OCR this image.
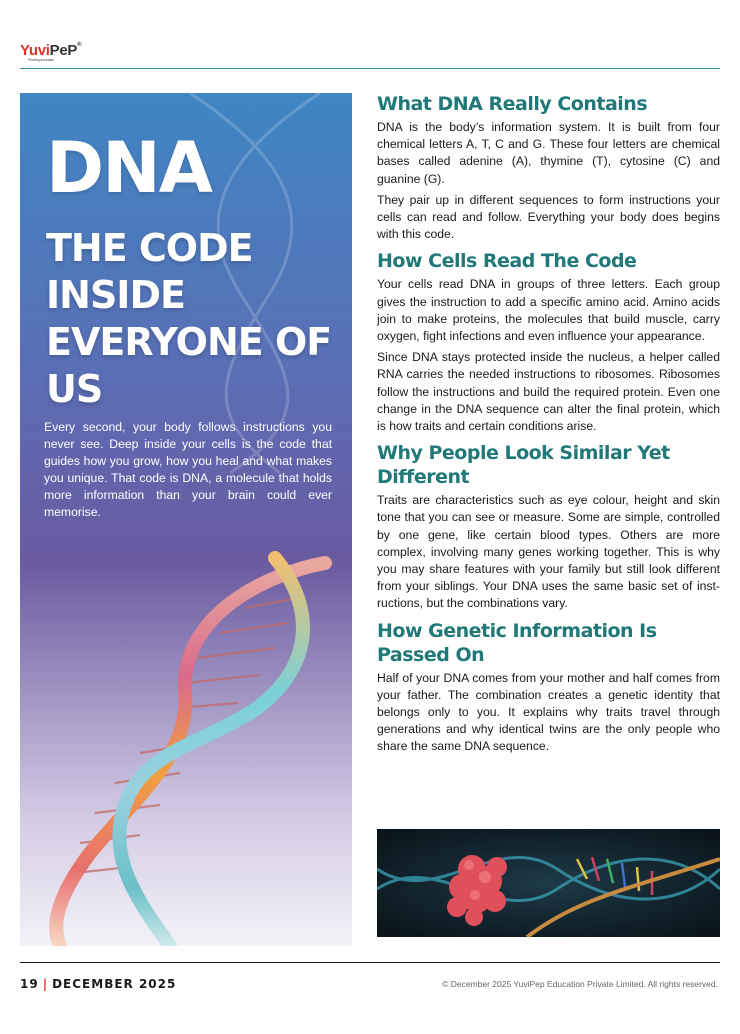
YuviPeP®
Powering Innovation
DNA
THE CODE INSIDE EVERYONE OF US
Every second, your body follows instructions you never see. Deep inside your cells is the code that guides how you grow, how you heal and what makes you unique. That code is DNA, a molecule that holds more information than your brain could ever memorise.
What DNA Really Contains

DNA is the body’s information system. It is built from four chemical letters A, T, C and G. These four letters are chemical bases called adenine (A), thymine (T), cytosine (C) and guanine (G).

They pair up in different sequences to form instructions your cells can read and follow. Everything your body does begins with this code.

How Cells Read The Code

Your cells read DNA in groups of three letters. Each group gives the instruction to add a specific amino acid. Amino acids join to make proteins, the molecules that build muscle, carry oxygen, fight infections and even influence your appearance.

Since DNA stays protected inside the nucleus, a helper called RNA carries the needed instructions to ribosomes. Ribosomes follow the instructions and build the required protein. Even one change in the DNA sequence can alter the final protein, which is how traits and certain conditions arise.

Why People Look Similar Yet Different

Traits are characteristics such as eye colour, height and skin tone that you can see or measure. Some are simple, controlled by one gene, like certain blood types. Others are more complex, involving many genes working together. This is why you may share features with your family but still look different from your siblings. Your DNA uses the same basic set of inst-ructions, but the combinations vary.

How Genetic Information Is Passed On

Half of your DNA comes from your mother and half comes from your father. The combination creates a genetic identity that belongs only to you. It explains why traits travel through generations and why identical twins are the only people who share the same DNA sequence.

19 | DECEMBER 2025	© December 2025 YuviPep Education Private Limited. All rights reserved.
